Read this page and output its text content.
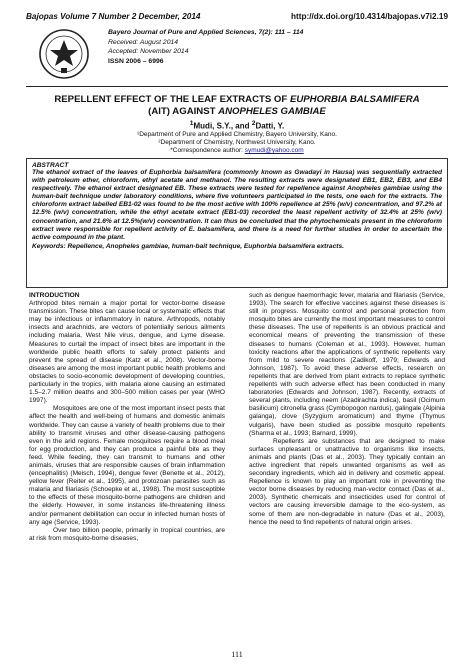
Bajopas Volume 7 Number 2 December, 2014	http://dx.doi.org/10.4314/bajopas.v7i2.19
Bayero Journal of Pure and Applied Sciences, 7(2): 111 – 114
Received: August 2014
Accepted: November 2014
ISSN 2006 – 6996
REPELLENT EFFECT OF THE LEAF EXTRACTS OF EUPHORBIA BALSAMIFERA
(AIT) AGAINST ANOPHELES GAMBIAE
$^1$Mudi, S.Y., and $^2$Datti, Y.
¹Department of Pure and Applied Chemistry, Bayero University, Kano.
²Department of Chemistry, Northwest University, Kano.
*Correspondence author: symudi@yahoo.com
ABSTRACT

The ethanol extract of the leaves of Euphorbia balsamifera (commonly known as Gwadayi in Hausa) was sequentially extracted with petroleum ether, chloroform, ethyl acetate and methanol. The resulting extracts were designated EB1, EB2, EB3, and EB4 respectively. The ethanol extract designated EB. These extracts were tested for repellence against Anopheles gambiae using the human-bait technique under laboratory conditions, where five volunteers participated in the tests, one each for the extracts. The chloroform extract labelled EB1-02 was found to be the most active with 100% repellence at 25% (w/v) concentration, and 97.2% at 12.5% (w/v) concentration, while the ethyl acetate extract (EB1-03) recorded the least repellent activity of 32.4% at 25% (w/v) concentration, and 21.6% at 12.5%(w/v) concentration. It can thus be concluded that the phytochemicals present in the chloroform extract were responsible for repellent activity of E. balsamifera, and there is a need for further studies in order to ascertain the active compound in the plant.

Keywords: Repellence, Anopheles gambiae, human-bait technique, Euphorbia balsamifera extracts.
INTRODUCTION

Arthropod bites remain a major portal for vector-borne disease transmission. These bites can cause local or systematic effects that may be infectious or inflammatory in nature. Arthropods, notably insects and arachnids, are vectors of potentially serious ailments including malaria, West Nile virus, dengue, and Lyme disease. Measures to curtail the impact of insect bites are important in the worldwide public health efforts to safely protect patients and prevent the spread of disease (Katz et al., 2008). Vector-borne diseases are among the most important public health problems and obstacles to socio-economic development of developing countries, particularly in the tropics, with malaria alone causing an estimated 1.5–2.7 million deaths and 300–500 million cases per year (WHO 1997).

Mosquitoes are one of the most important insect pests that affect the health and well-being of humans and domestic animals worldwide. They can cause a variety of health problems due to their ability to transmit viruses and other disease-causing pathogens even in the arid regions. Female mosquitoes require a blood meal for egg production, and they can produce a painful bite as they feed. While feeding, they can transmit to humans and other animals, viruses that are responsible causes of brain inflammation (encephalitis) (Meisch, 1994), dengue fever (Benette et al., 2012), yellow fever (Reiter et al., 1995), and protozoan parasites such as malaria and filariasis (Schoepke et al., 1998). The most susceptible to the effects of these mosquito-borne pathogens are children and the elderly. However, in some instances life-threatening illness and/or permanent debilitation can occur in infected human hosts of any age (Service, 1993).

Over two billion people, primarily in tropical countries, are at risk from mosquito-borne diseases,

such as dengue haemorrhagic fever, malaria and filariasis (Service, 1993). The search for effective vaccines against these diseases is still in progress. Mosquito control and personal protection from mosquito bites are currently the most important measures to control these diseases. The use of repellents is an obvious practical and economical means of preventing the transmission of these diseases to humans (Coleman et al., 1993). However, human toxicity reactions after the applications of synthetic repellents vary from mild to severe reactions (Zadikoff, 1979; Edwards and Johnson, 1987). To avoid these adverse effects, research on repellents that are derived from plant extracts to replace synthetic repellents with such adverse effect has been conducted in many laboratories (Edwards and Johnson, 1987). Recently, extracts of several plants, including neem (Azadirachta indica), basil (Ocimum basilicum) citronella grass (Cymbopogon nardus), galingale (Alpinia galanga), clove (Syzygium aromaticum) and thyme (Thymus vulgaris), have been studied as possible mosquito repellents (Sharma et al., 1993; Barnard, 1999).

Repellents are substances that are designed to make surfaces unpleasant or unattractive to organisms like insects, animals and plants (Das et al., 2003). They typically contain an active ingredient that repels unwanted organisms as well as secondary ingredients, which aid in delivery and cosmetic appeal. Repellence is known to play an important role in preventing the vector borne diseases by reducing man-vector contact (Das et al., 2003). Synthetic chemicals and insecticides used for control of vectors are causing irreversible damage to the eco-system, as some of them are non-degradable in nature (Das et al., 2003), hence the need to find repellents of natural origin arises.

111
